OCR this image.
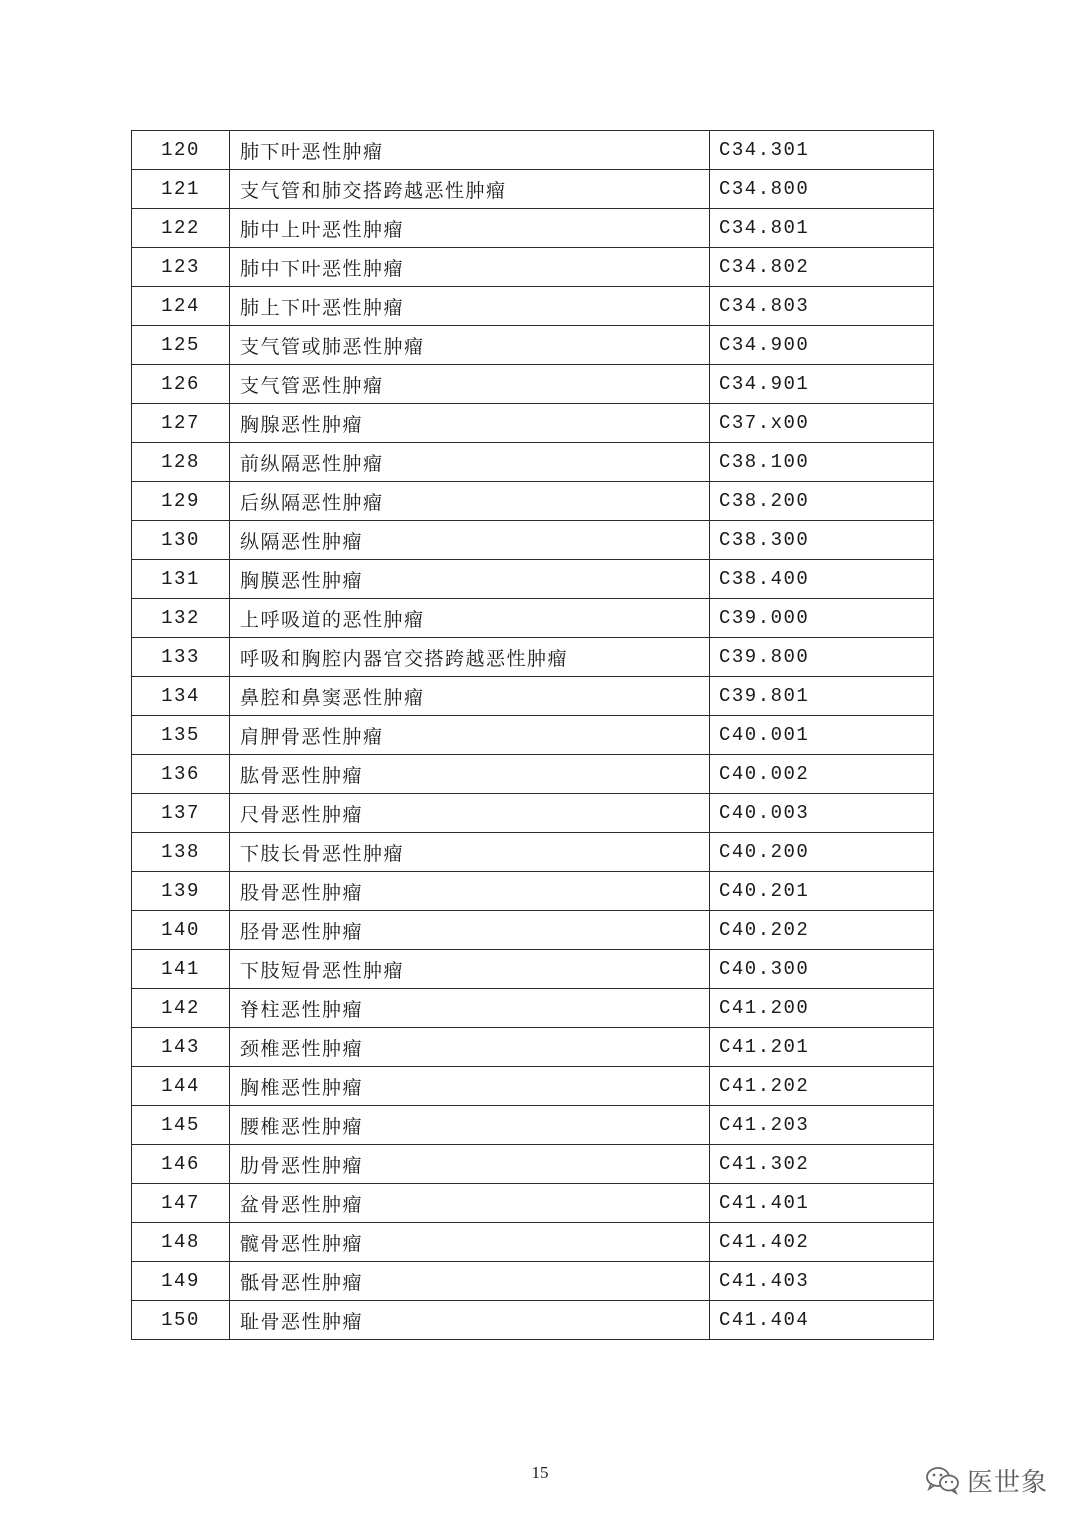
120	肺下叶恶性肿瘤	C34.301
121	支气管和肺交搭跨越恶性肿瘤	C34.800
122	肺中上叶恶性肿瘤	C34.801
123	肺中下叶恶性肿瘤	C34.802
124	肺上下叶恶性肿瘤	C34.803
125	支气管或肺恶性肿瘤	C34.900
126	支气管恶性肿瘤	C34.901
127	胸腺恶性肿瘤	C37.x00
128	前纵隔恶性肿瘤	C38.100
129	后纵隔恶性肿瘤	C38.200
130	纵隔恶性肿瘤	C38.300
131	胸膜恶性肿瘤	C38.400
132	上呼吸道的恶性肿瘤	C39.000
133	呼吸和胸腔内器官交搭跨越恶性肿瘤	C39.800
134	鼻腔和鼻窦恶性肿瘤	C39.801
135	肩胛骨恶性肿瘤	C40.001
136	肱骨恶性肿瘤	C40.002
137	尺骨恶性肿瘤	C40.003
138	下肢长骨恶性肿瘤	C40.200
139	股骨恶性肿瘤	C40.201
140	胫骨恶性肿瘤	C40.202
141	下肢短骨恶性肿瘤	C40.300
142	脊柱恶性肿瘤	C41.200
143	颈椎恶性肿瘤	C41.201
144	胸椎恶性肿瘤	C41.202
145	腰椎恶性肿瘤	C41.203
146	肋骨恶性肿瘤	C41.302
147	盆骨恶性肿瘤	C41.401
148	髋骨恶性肿瘤	C41.402
149	骶骨恶性肿瘤	C41.403
150	耻骨恶性肿瘤	C41.404
15	医世象
